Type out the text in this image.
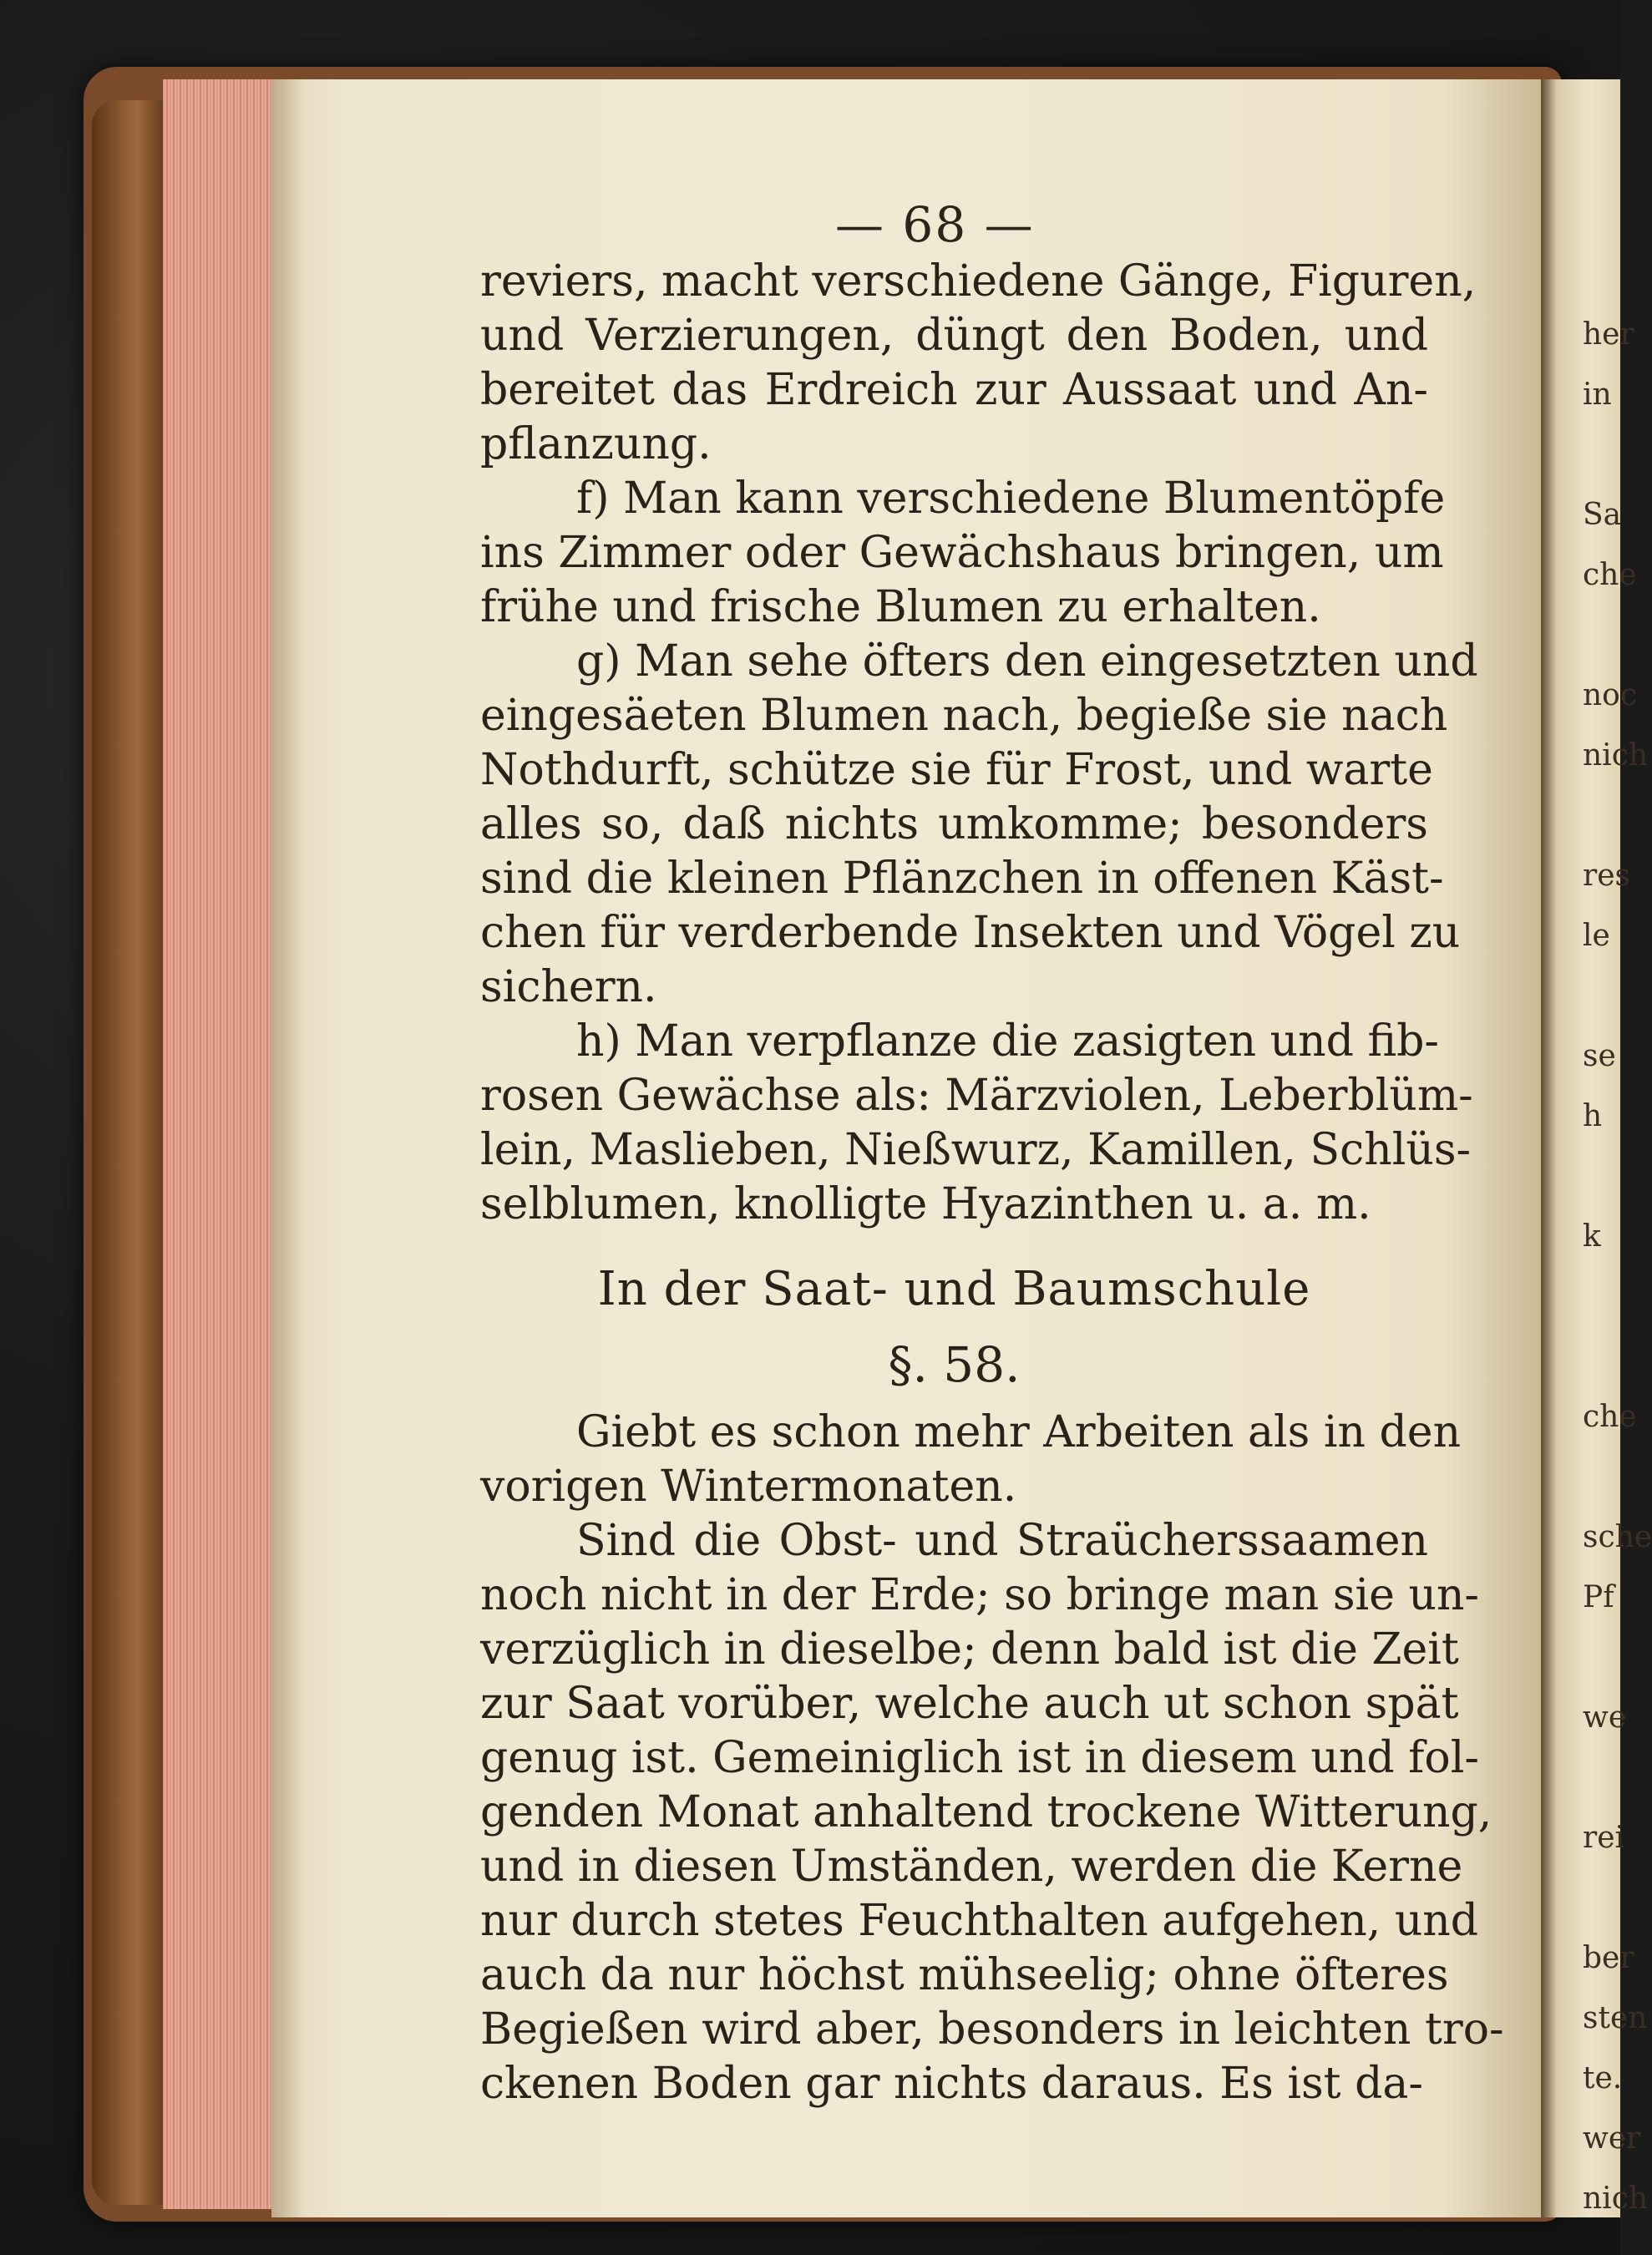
her
in

Sa
che

noc
nich

res
le

se
h

k

che

sche
Pf

we

rei

ber
sten
te.
wer
nich
— 68 —
reviers, macht verschiedene Gänge, Figuren,
und Verzierungen, düngt den Boden, und
bereitet das Erdreich zur Aussaat und An-
pflanzung.
f) Man kann verschiedene Blumentöpfe
ins Zimmer oder Gewächshaus bringen, um
frühe und frische Blumen zu erhalten.
g) Man sehe öfters den eingesetzten und
eingesäeten Blumen nach, begieße sie nach
Nothdurft, schütze sie für Frost, und warte
alles so, daß nichts umkomme; besonders
sind die kleinen Pflänzchen in offenen Käst-
chen für verderbende Insekten und Vögel zu
sichern.
h) Man verpflanze die zasigten und fib-
rosen Gewächse als: Märzviolen, Leberblüm-
lein, Maslieben, Nießwurz, Kamillen, Schlüs-
selblumen, knolligte Hyazinthen u. a. m.
In der Saat- und Baumschule
§. 58.
Giebt es schon mehr Arbeiten als in den
vorigen Wintermonaten.
Sind die Obst- und Straücherssaamen
noch nicht in der Erde; so bringe man sie un-
verzüglich in dieselbe; denn bald ist die Zeit
zur Saat vorüber, welche auch ut schon spät
genug ist. Gemeiniglich ist in diesem und fol-
genden Monat anhaltend trockene Witterung,
und in diesen Umständen, werden die Kerne
nur durch stetes Feuchthalten aufgehen, und
auch da nur höchst mühseelig; ohne öfteres
Begießen wird aber, besonders in leichten tro-
ckenen Boden gar nichts daraus. Es ist da-
